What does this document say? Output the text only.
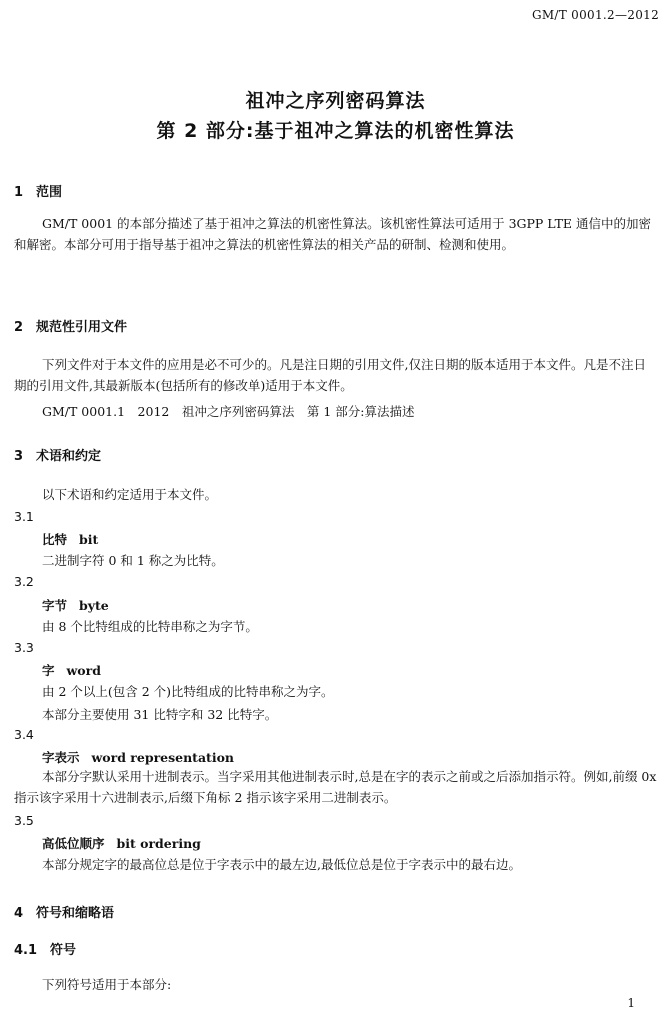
GM/T 0001.2—2012
祖冲之序列密码算法
第 2 部分:基于祖冲之算法的机密性算法
1 范围
GM/T 0001 的本部分描述了基于祖冲之算法的机密性算法。该机密性算法可适用于 3GPP LTE 通信中的加密和解密。本部分可用于指导基于祖冲之算法的机密性算法的相关产品的研制、检测和使用。
2 规范性引用文件
下列文件对于本文件的应用是必不可少的。凡是注日期的引用文件,仅注日期的版本适用于本文件。凡是不注日期的引用文件,其最新版本(包括所有的修改单)适用于本文件。
GM/T 0001.1　2012　祖冲之序列密码算法　第 1 部分:算法描述
3 术语和约定
以下术语和约定适用于本文件。
3.1
比特 bit
二进制字符 0 和 1 称之为比特。
3.2
字节 byte
由 8 个比特组成的比特串称之为字节。
3.3
字 word
由 2 个以上(包含 2 个)比特组成的比特串称之为字。
本部分主要使用 31 比特字和 32 比特字。
3.4
字表示 word representation
本部分字默认采用十进制表示。当字采用其他进制表示时,总是在字的表示之前或之后添加指示符。例如,前缀 0x 指示该字采用十六进制表示,后缀下角标 2 指示该字采用二进制表示。
3.5
高低位顺序 bit ordering
本部分规定字的最高位总是位于字表示中的最左边,最低位总是位于字表示中的最右边。
4 符号和缩略语
4.1 符号
下列符号适用于本部分:
1
